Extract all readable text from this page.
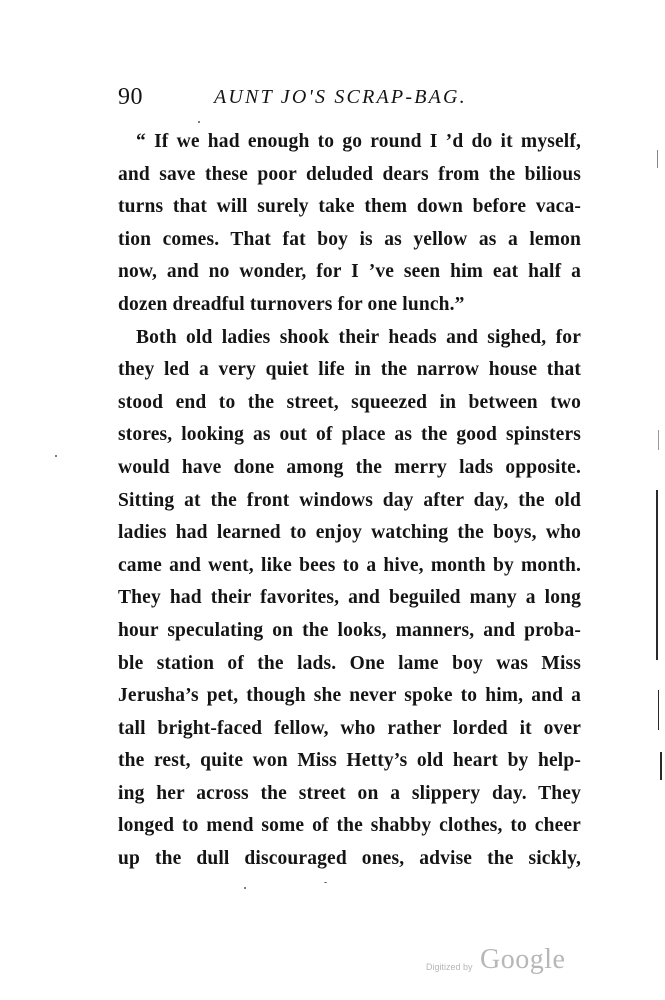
90	AUNT JO'S SCRAP-BAG.
“ If we had enough to go round I ’d do it myself,
and save these poor deluded dears from the bilious
turns that will surely take them down before vaca-
tion comes. That fat boy is as yellow as a lemon
now, and no wonder, for I ’ve seen him eat half a
dozen dreadful turnovers for one lunch.”
Both old ladies shook their heads and sighed, for
they led a very quiet life in the narrow house that
stood end to the street, squeezed in between two
stores, looking as out of place as the good spinsters
would have done among the merry lads opposite.
Sitting at the front windows day after day, the old
ladies had learned to enjoy watching the boys, who
came and went, like bees to a hive, month by month.
They had their favorites, and beguiled many a long
hour speculating on the looks, manners, and proba-
ble station of the lads. One lame boy was Miss
Jerusha’s pet, though she never spoke to him, and a
tall bright-faced fellow, who rather lorded it over
the rest, quite won Miss Hetty’s old heart by help-
ing her across the street on a slippery day. They
longed to mend some of the shabby clothes, to cheer
up the dull discouraged ones, advise the sickly,
Digitized by Google
